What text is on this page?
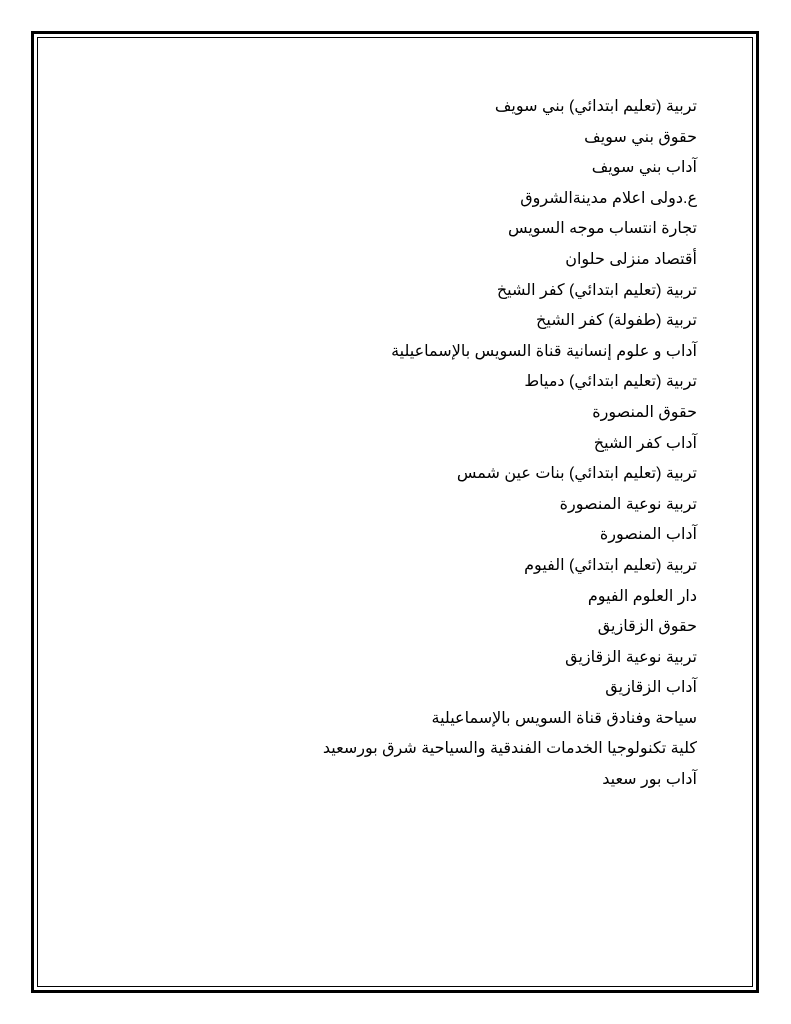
تربية (تعليم ابتدائي) بني سويف
حقوق بني سويف
آداب بني سويف
ع.دولى اعلام مدينةالشروق
تجارة انتساب موجه السويس
أقتصاد منزلى حلوان
تربية (تعليم ابتدائي) كفر الشيخ
تربية (طفولة) كفر الشيخ
آداب و علوم إنسانية قناة السويس بالإسماعيلية
تربية (تعليم ابتدائي) دمياط
حقوق المنصورة
آداب كفر الشيخ
تربية (تعليم ابتدائي) بنات عين شمس
تربية نوعية المنصورة
آداب المنصورة
تربية (تعليم ابتدائي) الفيوم
دار العلوم الفيوم
حقوق الزقازيق
تربية نوعية الزقازيق
آداب الزقازيق
سياحة وفنادق قناة السويس بالإسماعيلية
كلية تكنولوجيا الخدمات الفندقية والسياحية شرق بورسعيد
آداب بور سعيد
